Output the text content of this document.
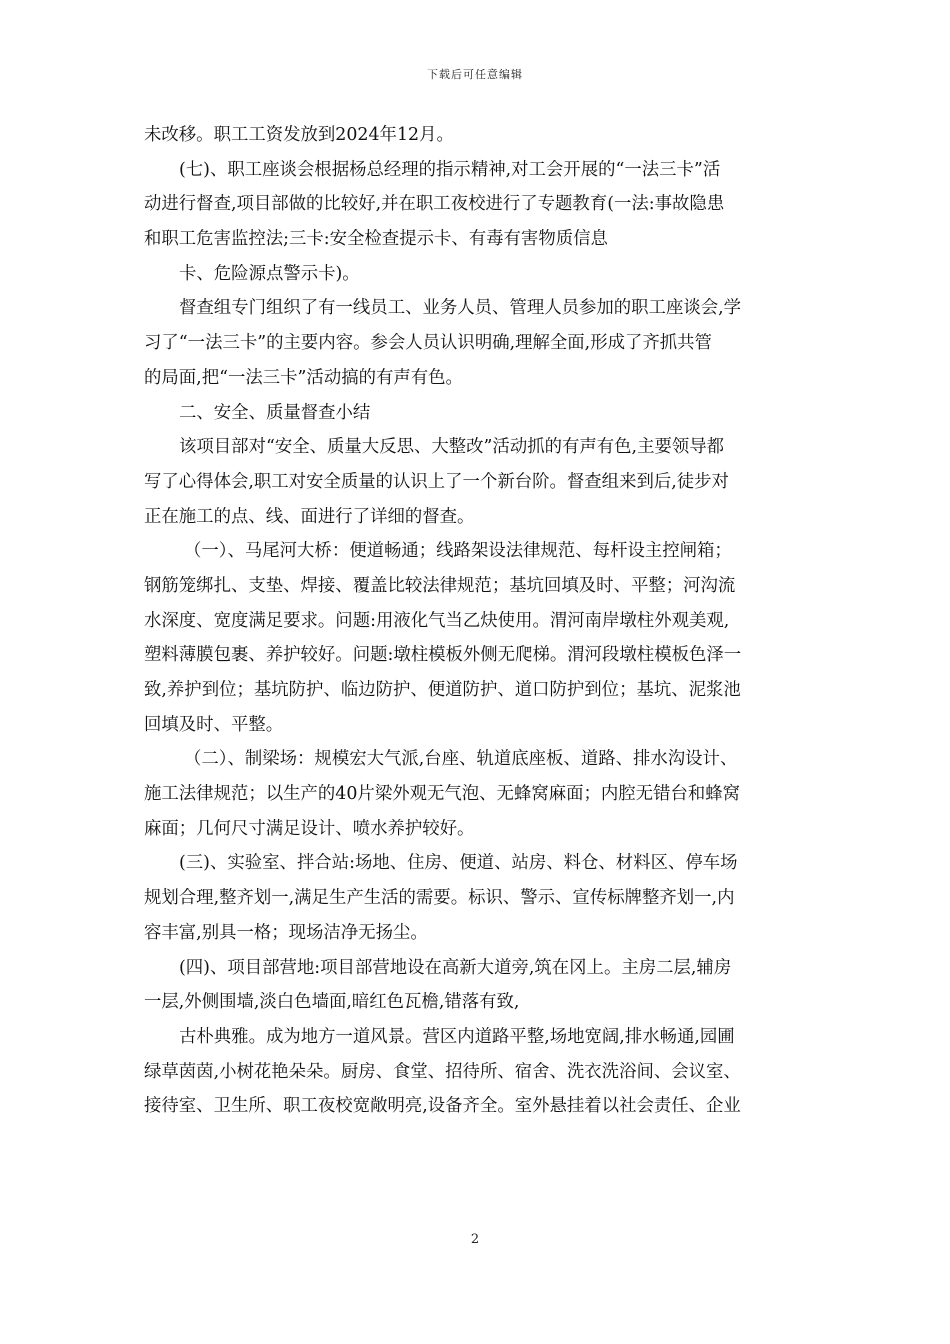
下载后可任意编辑
未改移。职工工资发放到2024年12月。
(七)、职工座谈会根据杨总经理的指示精神,对工会开展的“一法三卡”活
动进行督查,项目部做的比较好,并在职工夜校进行了专题教育(一法:事故隐患
和职工危害监控法;三卡:安全检查提示卡、有毒有害物质信息
卡、危险源点警示卡)。
督查组专门组织了有一线员工、业务人员、管理人员参加的职工座谈会,学
习了“一法三卡”的主要内容。参会人员认识明确,理解全面,形成了齐抓共管
的局面,把“一法三卡”活动搞的有声有色。
二、安全、质量督查小结
该项目部对“安全、质量大反思、大整改”活动抓的有声有色,主要领导都
写了心得体会,职工对安全质量的认识上了一个新台阶。督查组来到后,徒步对
正在施工的点、线、面进行了详细的督查。
（一）、马尾河大桥：便道畅通；线路架设法律规范、每杆设主控闸箱；
钢筋笼绑扎、支垫、焊接、覆盖比较法律规范；基坑回填及时、平整；河沟流
水深度、宽度满足要求。问题:用液化气当乙炔使用。渭河南岸墩柱外观美观,
塑料薄膜包裹、养护较好。问题:墩柱模板外侧无爬梯。渭河段墩柱模板色泽一
致,养护到位；基坑防护、临边防护、便道防护、道口防护到位；基坑、泥浆池
回填及时、平整。
（二）、制梁场：规模宏大气派,台座、轨道底座板、道路、排水沟设计、
施工法律规范；以生产的40片梁外观无气泡、无蜂窝麻面；内腔无错台和蜂窝
麻面；几何尺寸满足设计、喷水养护较好。
(三)、实验室、拌合站:场地、住房、便道、站房、料仓、材料区、停车场
规划合理,整齐划一,满足生产生活的需要。标识、警示、宣传标牌整齐划一,内
容丰富,别具一格；现场洁净无扬尘。
(四)、项目部营地:项目部营地设在高新大道旁,筑在冈上。主房二层,辅房
一层,外侧围墙,淡白色墙面,暗红色瓦檐,错落有致,
古朴典雅。成为地方一道风景。营区内道路平整,场地宽阔,排水畅通,园圃
绿草茵茵,小树花艳朵朵。厨房、食堂、招待所、宿舍、洗衣洗浴间、会议室、
接待室、卫生所、职工夜校宽敞明亮,设备齐全。室外悬挂着以社会责任、企业
2
